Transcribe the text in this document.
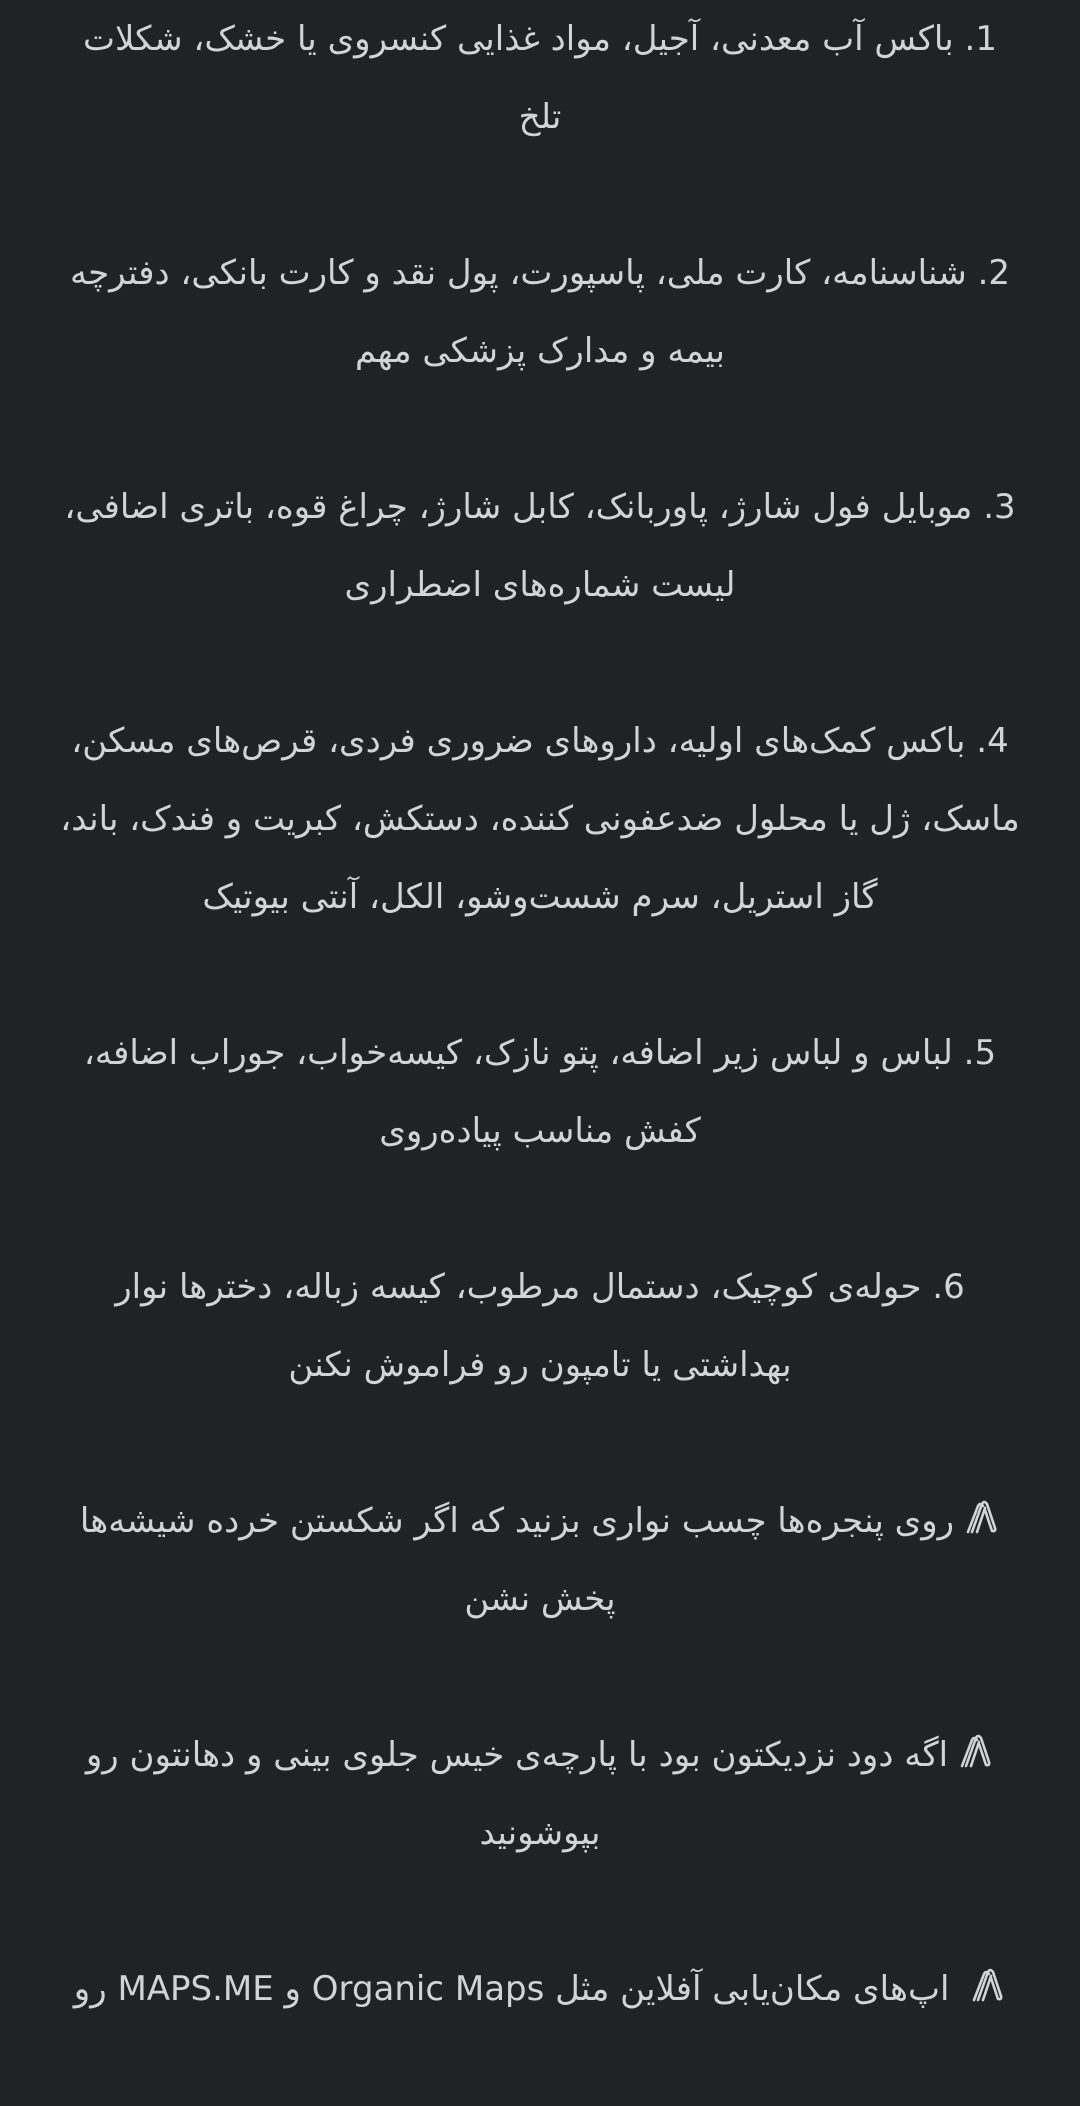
1. باکس آب معدنی، آجیل، مواد غذایی کنسروی یا خشک، شکلات تلخ

2. شناسنامه، کارت ملی، پاسپورت، پول نقد و کارت بانکی، دفترچه بیمه و مدارک پزشکی مهم

3. موبایل فول شارژ، پاوربانک، کابل شارژ، چراغ قوه، باتری اضافی، لیست شماره‌های اضطراری

4. باکس کمک‌های اولیه، داروهای ضروری فردی، قرص‌های مسکن، ماسک، ژل یا محلول ضدعفونی کننده، دستکش، کبریت و فندک، باند، گاز استریل، سرم شست‌وشو، الکل، آنتی بیوتیک

5. لباس و لباس زیر اضافه، پتو نازک، کیسه‌خواب، جوراب اضافه، کفش مناسب پیاده‌روی

6. حوله‌ی کوچیک، دستمال مرطوب، کیسه زباله، دخترها نوار بهداشتی یا تامپون رو فراموش نکنن

روی پنجره‌ها چسب نواری بزنید که اگر شکستن خرده شیشه‌ها پخش نشن

اگه دود نزدیکتون بود با پارچه‌ی خیس جلوی بینی و دهانتون رو بپوشونید

اپ‌های مکان‌یابی آفلاین مثل Organic Maps و MAPS.ME رو
